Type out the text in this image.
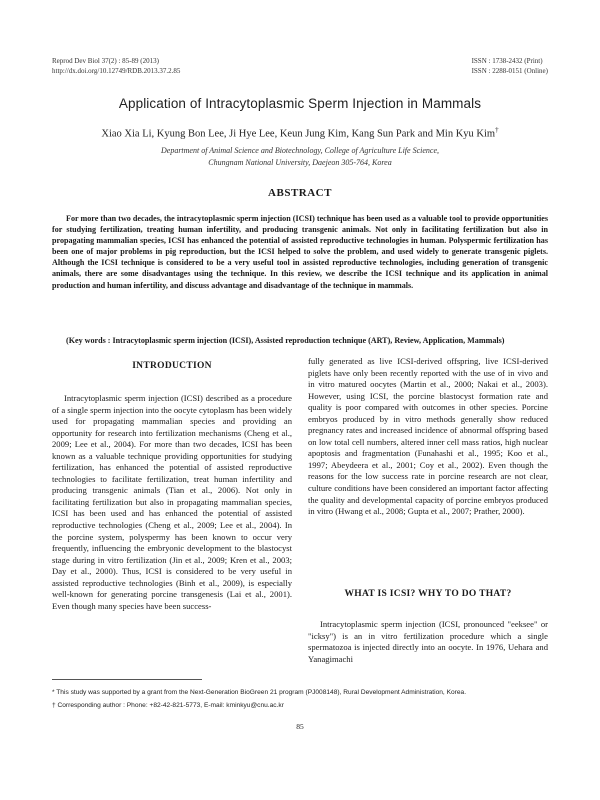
Reprod Dev Biol 37(2) : 85-89 (2013)
http://dx.doi.org/10.12749/RDB.2013.37.2.85
ISSN : 1738-2432 (Print)
ISSN : 2288-0151 (Online)
Application of Intracytoplasmic Sperm Injection in Mammals
Xiao Xia Li, Kyung Bon Lee, Ji Hye Lee, Keun Jung Kim, Kang Sun Park and Min Kyu Kim†
Department of Animal Science and Biotechnology, College of Agriculture Life Science,
Chungnam National University, Daejeon 305-764, Korea
ABSTRACT
For more than two decades, the intracytoplasmic sperm injection (ICSI) technique has been used as a valuable tool to provide opportunities for studying fertilization, treating human infertility, and producing transgenic animals. Not only in facilitating fertilization but also in propagating mammalian species, ICSI has enhanced the potential of assisted reproductive technologies in human. Polyspermic fertilization has been one of major problems in pig reproduction, but the ICSI helped to solve the problem, and used widely to generate transgenic piglets. Although the ICSI technique is considered to be a very useful tool in assisted reproductive technologies, including generation of transgenic animals, there are some disadvantages using the technique. In this review, we describe the ICSI technique and its application in animal production and human infertility, and discuss advantage and disadvantage of the technique in mammals.
(Key words : Intracytoplasmic sperm injection (ICSI), Assisted reproduction technique (ART), Review, Application, Mammals)
INTRODUCTION

Intracytoplasmic sperm injection (ICSI) described as a procedure of a single sperm injection into the oocyte cytoplasm has been widely used for propagating mammalian species and providing an opportunity for research into fertilization mechanisms (Cheng et al., 2009; Lee et al., 2004). For more than two decades, ICSI has been known as a valuable technique providing opportunities for studying fertilization, has enhanced the potential of assisted reproductive technologies to facilitate fertilization, treat human infertility and producing transgenic animals (Tian et al., 2006). Not only in facilitating fertilization but also in propagating mammalian species, ICSI has been used and has enhanced the potential of assisted reproductive technologies (Cheng et al., 2009; Lee et al., 2004). In the porcine system, polyspermy has been known to occur very frequently, influencing the embryonic development to the blastocyst stage during in vitro fertilization (Jin et al., 2009; Kren et al., 2003; Day et al., 2000). Thus, ICSI is considered to be very useful in assisted reproductive technologies (Binh et al., 2009), is especially well-known for generating porcine transgenesis (Lai et al., 2001). Even though many species have been success-

fully generated as live ICSI-derived offspring, live ICSI-derived piglets have only been recently reported with the use of in vivo and in vitro matured oocytes (Martin et al., 2000; Nakai et al., 2003). However, using ICSI, the porcine blastocyst formation rate and quality is poor compared with outcomes in other species. Porcine embryos produced by in vitro methods generally show reduced pregnancy rates and increased incidence of abnormal offspring based on low total cell numbers, altered inner cell mass ratios, high nuclear apoptosis and fragmentation (Funahashi et al., 1995; Koo et al., 1997; Abeydeera et al., 2001; Coy et al., 2002). Even though the reasons for the low success rate in porcine research are not clear, culture conditions have been considered an important factor affecting the quality and developmental capacity of porcine embryos produced in vitro (Hwang et al., 2008; Gupta et al., 2007; Prather, 2000).

WHAT IS ICSI? WHY TO DO THAT?

Intracytoplasmic sperm injection (ICSI, pronounced "eeksee" or "icksy") is an in vitro fertilization procedure which a single spermatozoa is injected directly into an oocyte. In 1976, Uehara and Yanagimachi

* This study was supported by a grant from the Next-Generation BioGreen 21 program (PJ008148), Rural Development Administration, Korea.
† Corresponding author : Phone: +82-42-821-5773, E-mail: kminkyu@cnu.ac.kr
85
